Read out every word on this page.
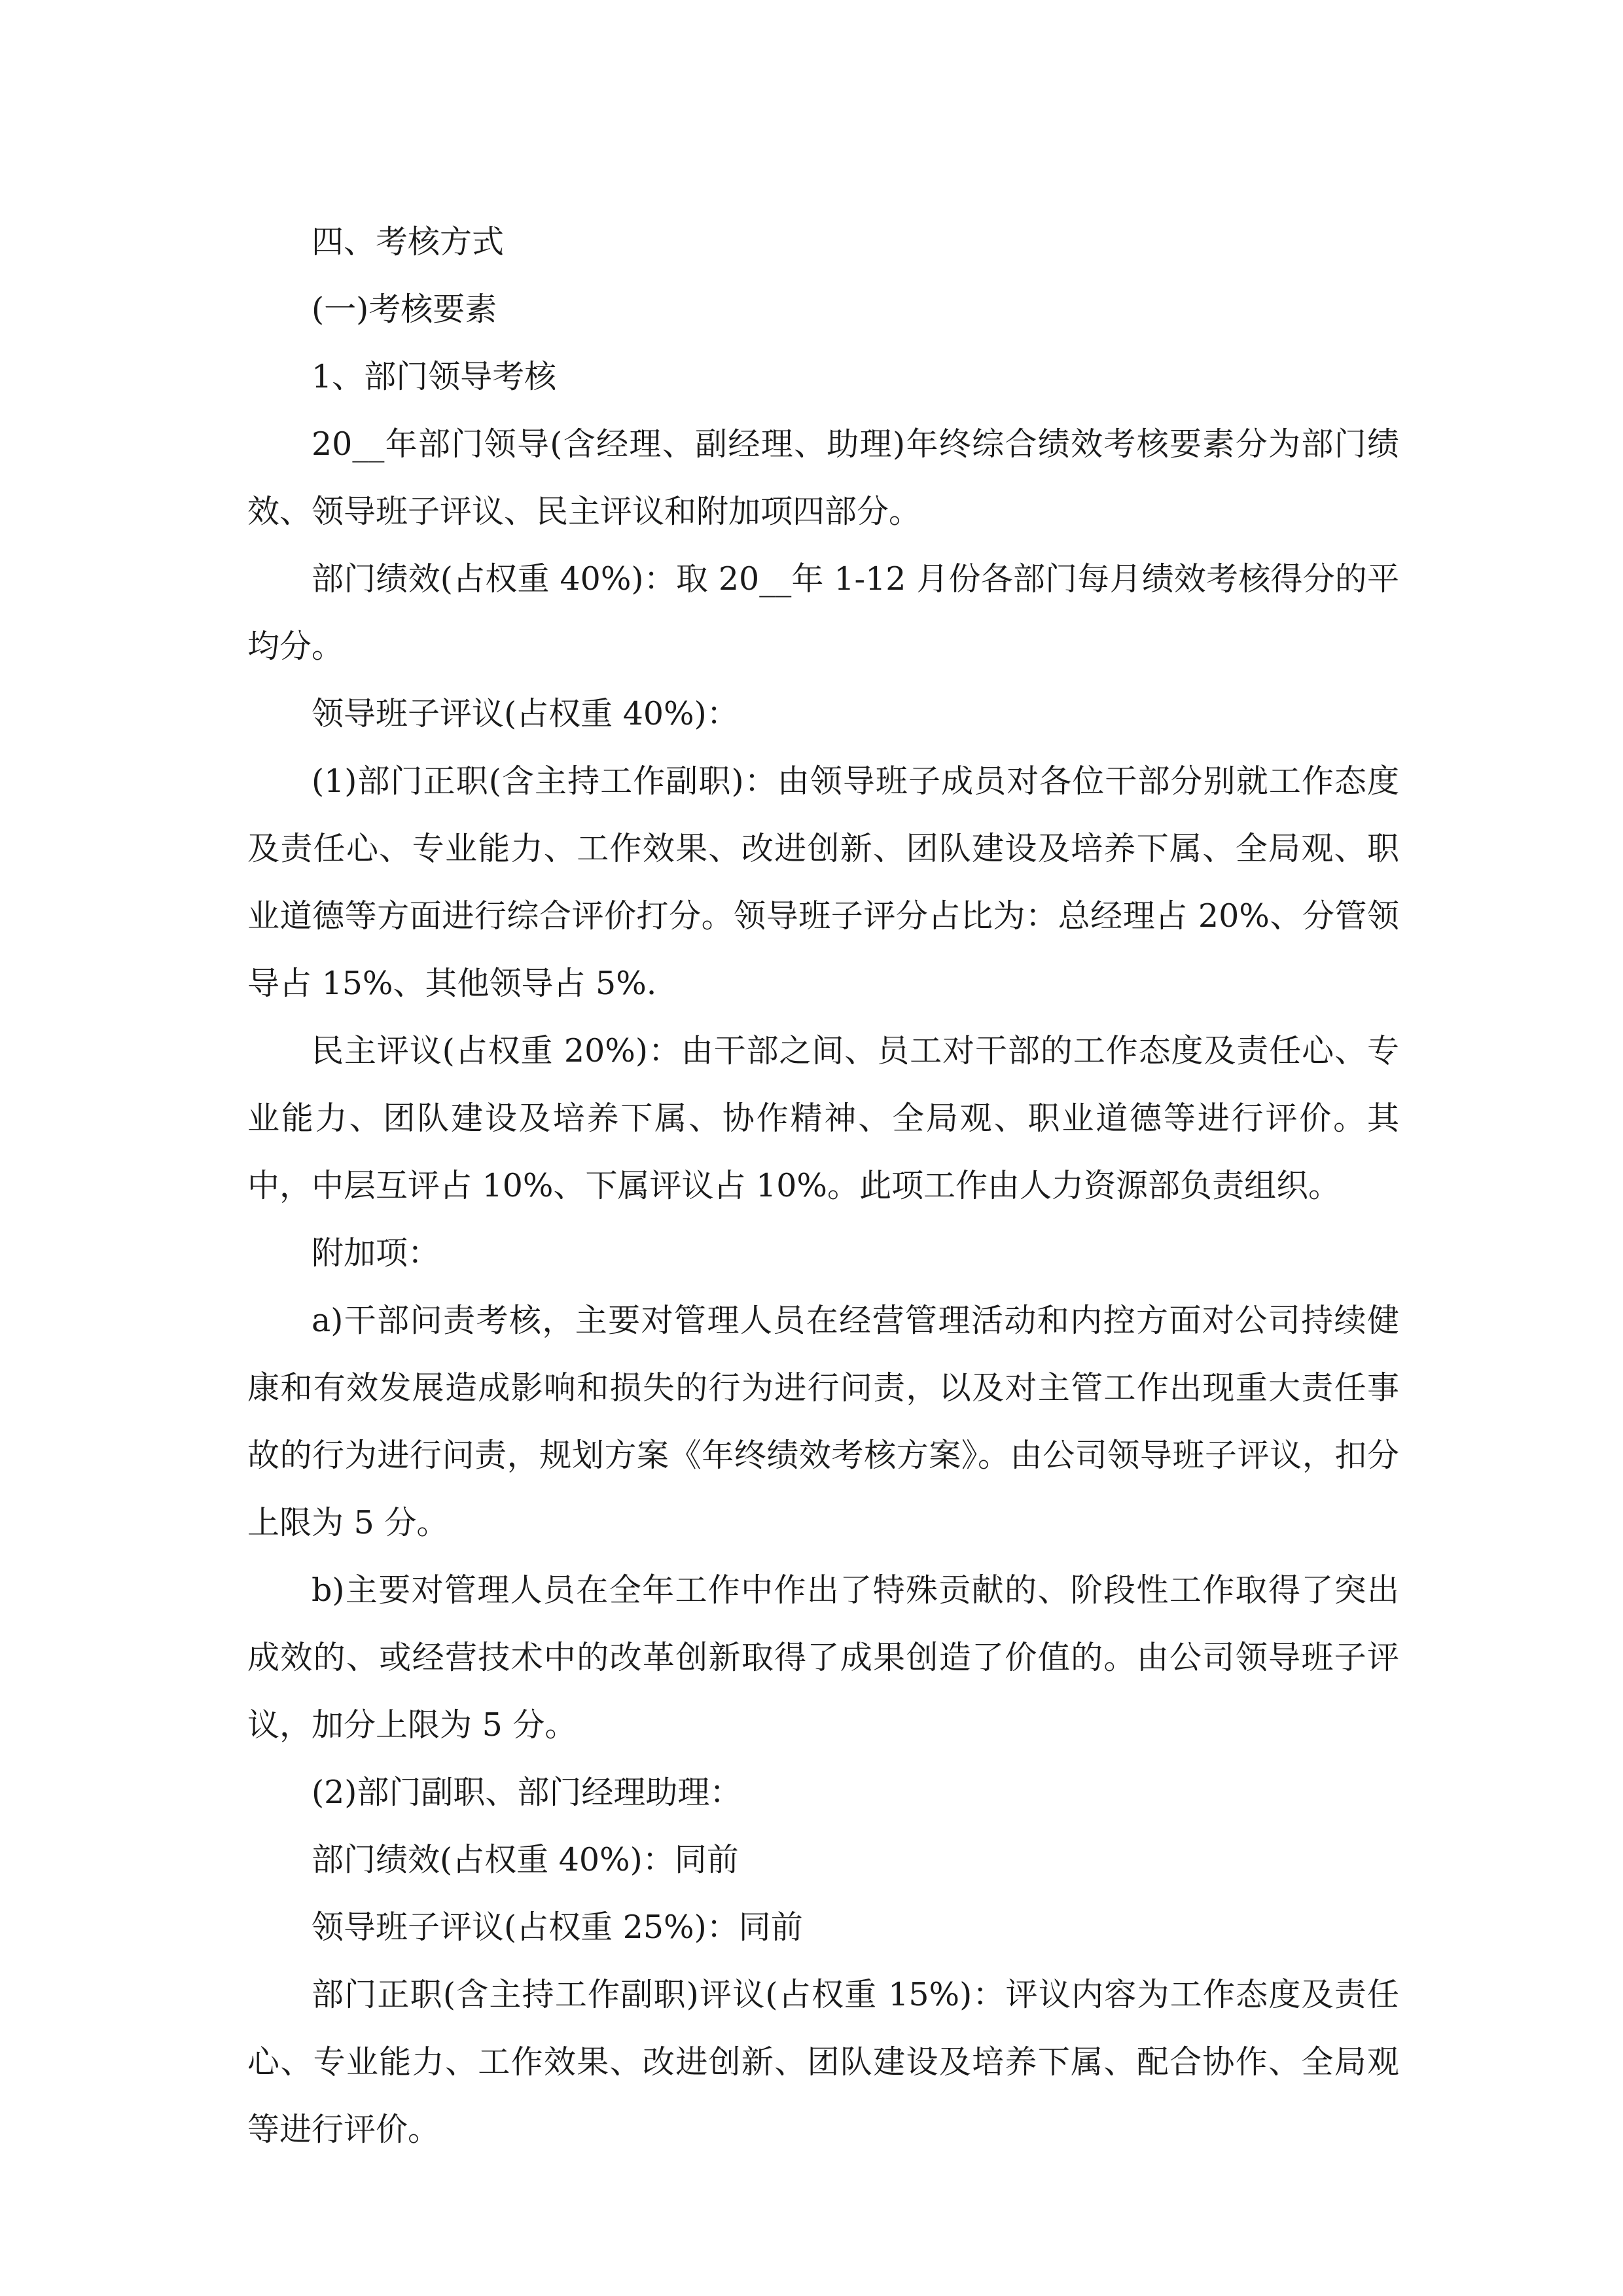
四、考核方式

(一)考核要素

1、部门领导考核

20__年部门领导(含经理、副经理、助理)年终综合绩效考核要素分为部门绩效、领导班子评议、民主评议和附加项四部分。

部门绩效(占权重 40%)：取 20__年 1-12 月份各部门每月绩效考核得分的平均分。

领导班子评议(占权重 40%)：

(1)部门正职(含主持工作副职)：由领导班子成员对各位干部分别就工作态度及责任心、专业能力、工作效果、改进创新、团队建设及培养下属、全局观、职业道德等方面进行综合评价打分。领导班子评分占比为：总经理占 20%、分管领导占 15%、其他领导占 5%.

民主评议(占权重 20%)：由干部之间、员工对干部的工作态度及责任心、专业能力、团队建设及培养下属、协作精神、全局观、职业道德等进行评价。其中，中层互评占 10%、下属评议占 10%。此项工作由人力资源部负责组织。

附加项：

a)干部问责考核，主要对管理人员在经营管理活动和内控方面对公司持续健康和有效发展造成影响和损失的行为进行问责，以及对主管工作出现重大责任事故的行为进行问责，规划方案《年终绩效考核方案》。由公司领导班子评议，扣分上限为 5 分。

b)主要对管理人员在全年工作中作出了特殊贡献的、阶段性工作取得了突出成效的、或经营技术中的改革创新取得了成果创造了价值的。由公司领导班子评议，加分上限为 5 分。

(2)部门副职、部门经理助理：

部门绩效(占权重 40%)：同前

领导班子评议(占权重 25%)：同前

部门正职(含主持工作副职)评议(占权重 15%)：评议内容为工作态度及责任心、专业能力、工作效果、改进创新、团队建设及培养下属、配合协作、全局观等进行评价。
